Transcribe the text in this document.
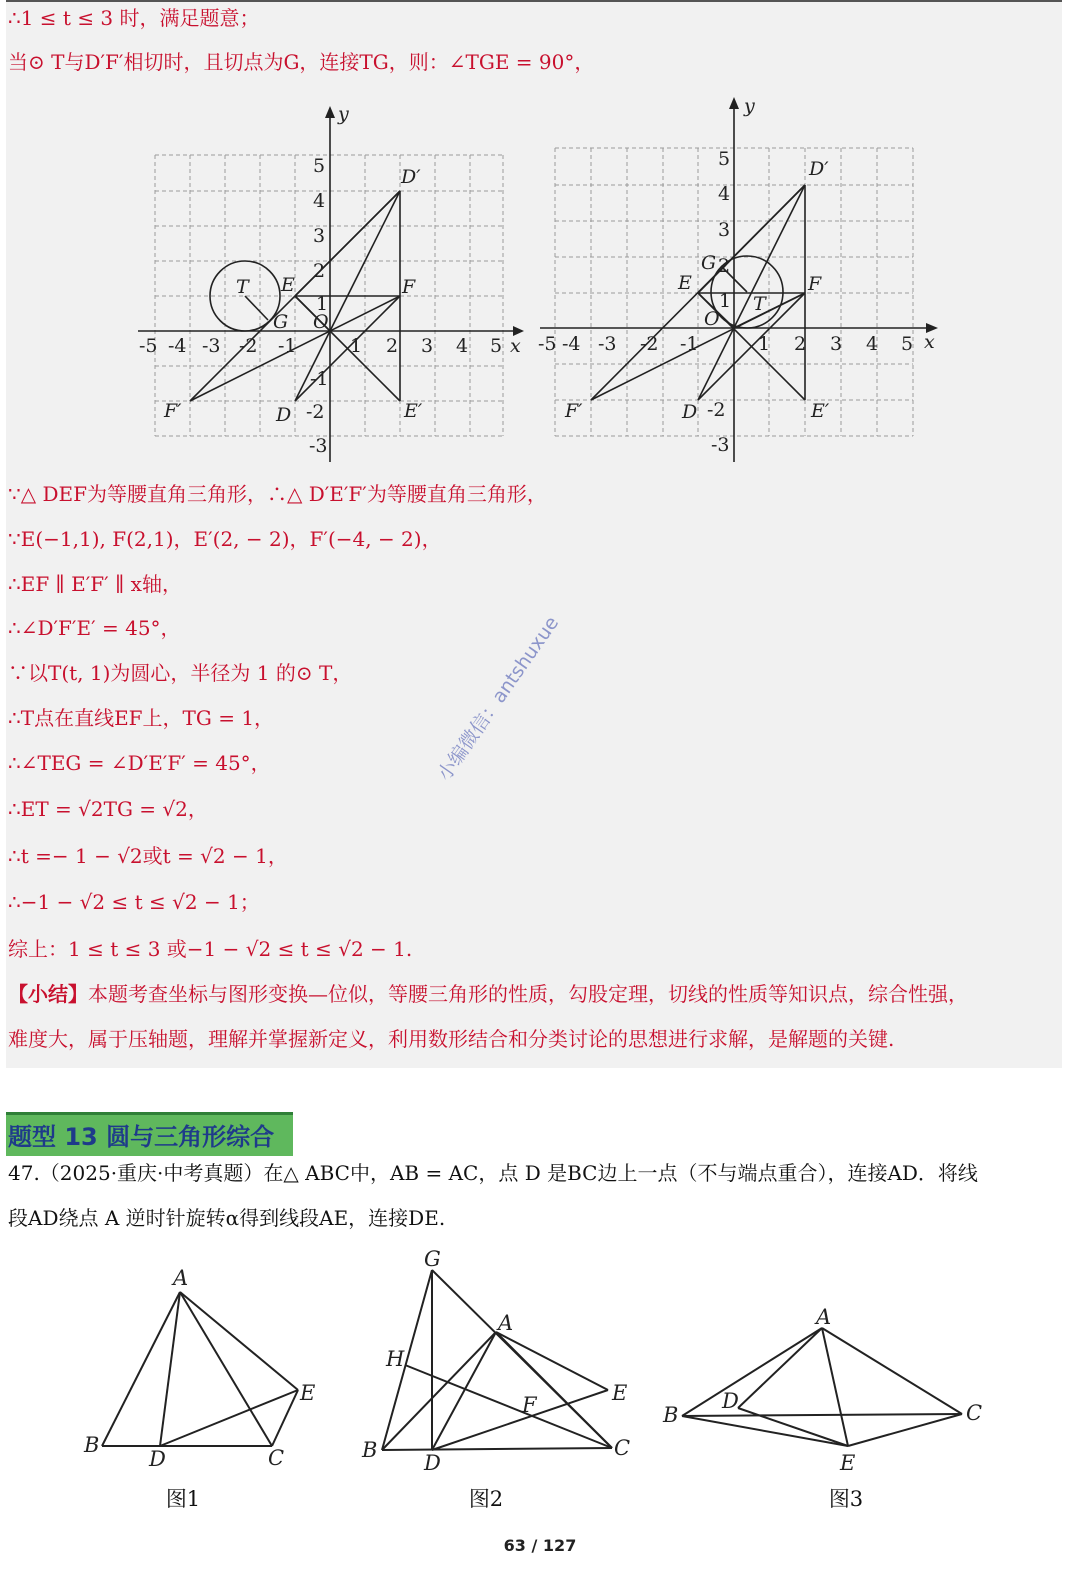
∴1 ≤ t ≤ 3 时，满足题意；
当⊙ T与D′F′相切时，且切点为G，连接TG，则：∠TGE = 90°，
y
x
O
T E
G
F
D′
D	E′
F′
-5 -4 -3 -2 -1	1 2 3 4 5
5
4
3
2
1
-1
-2
-3
y
x
O
T
E
G
F
D′
D	E′
F′
-5 -4 -3 -2 -1	1 2 3 4 5
5
4
3
2
1
-2
-3
∵△ DEF为等腰直角三角形，∴△ D′E′F′为等腰直角三角形，
∵E(−1,1), F(2,1)，E′(2, − 2)，F′(−4, − 2)，
∴EF ∥ E′F′ ∥ x轴，
∴∠D′F′E′ = 45°，
∵以T(t, 1)为圆心，半径为 1 的⊙ T，
∴T点在直线EF上，TG = 1，
∴∠TEG = ∠D′E′F′ = 45°，
∴ET = √2TG = √2，
∴t =− 1 − √2或t = √2 − 1，
∴−1 − √2 ≤ t ≤ √2 − 1；
综上：1 ≤ t ≤ 3 或−1 − √2 ≤ t ≤ √2 − 1.
【小结】本题考查坐标与图形变换—位似，等腰三角形的性质，勾股定理，切线的性质等知识点，综合性强，
难度大，属于压轴题，理解并掌握新定义，利用数形结合和分类讨论的思想进行求解，是解题的关键.
小编微信：antshuxue
题型 13 圆与三角形综合
47.（2025·重庆·中考真题）在△ ABC中，AB = AC，点 D 是BC边上一点（不与端点重合），连接AD．将线
段AD绕点 A 逆时针旋转α得到线段AE，连接DE.
A
B
C
D
E
G
H
A
F	E
B
D
C
A
B
D	C
E
图1	图2	图3
63 / 127
